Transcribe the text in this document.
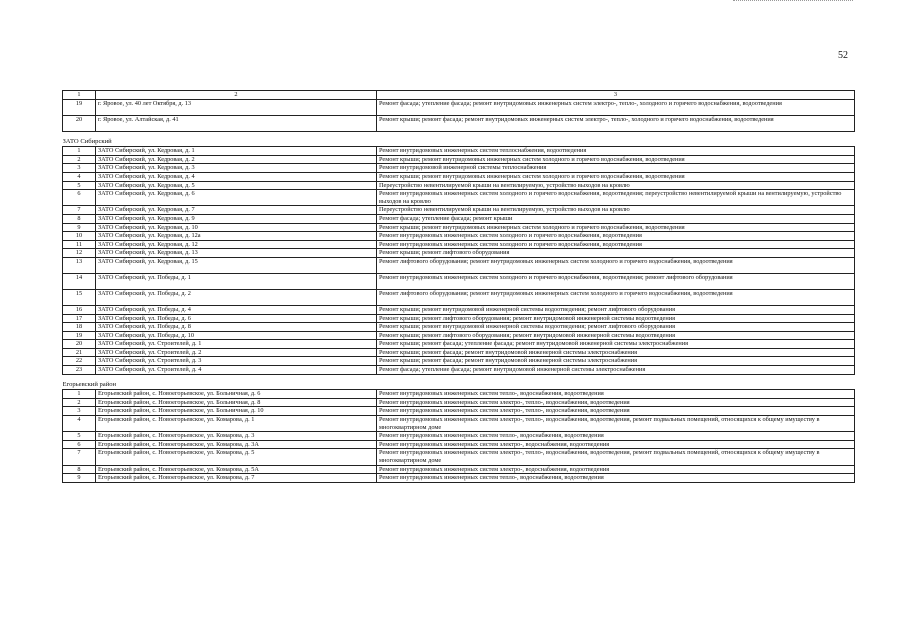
52
1	2	3
19	г. Яровое, ул. 40 лет Октября, д. 13	Ремонт фасада; утепление фасада; ремонт внутридомовых инженерных систем электро-, тепло-, холодного и горячего водоснабжения, водоотведения
20	г. Яровое, ул. Алтайская, д. 41	Ремонт крыши; ремонт фасада; ремонт внутридомовых инженерных систем электро-, тепло-, холодного и горячего водоснабжения, водоотведения
ЗАТО Сибирский		
1	ЗАТО Сибирский, ул. Кедровая, д. 1	Ремонт внутридомовых инженерных систем теплоснабжения, водоотведения
2	ЗАТО Сибирский, ул. Кедровая, д. 2	Ремонт крыши; ремонт внутридомовых инженерных систем холодного и горячего водоснабжения, водоотведения
3	ЗАТО Сибирский, ул. Кедровая, д. 3	Ремонт внутридомовой инженерной системы теплоснабжения
4	ЗАТО Сибирский, ул. Кедровая, д. 4	Ремонт крыши; ремонт внутридомовых инженерных систем холодного и горячего водоснабжения, водоотведения
5	ЗАТО Сибирский, ул. Кедровая, д. 5	Переустройство невентилируемой крыши на вентилируемую, устройство выходов на кровлю
6	ЗАТО Сибирский, ул. Кедровая, д. 6	Ремонт внутридомовых инженерных систем холодного и горячего водоснабжения, водоотведения; переустройство невентилируемой крыши на вентилируемую, устройство выходов на кровлю
7	ЗАТО Сибирский, ул. Кедровая, д. 7	Переустройство невентилируемой крыши на вентилируемую, устройство выходов на кровлю
8	ЗАТО Сибирский, ул. Кедровая, д. 9	Ремонт фасада; утепление фасада; ремонт крыши
9	ЗАТО Сибирский, ул. Кедровая, д. 10	Ремонт крыши; ремонт внутридомовых инженерных систем холодного и горячего водоснабжения, водоотведения
10	ЗАТО Сибирский, ул. Кедровая, д. 12а	Ремонт внутридомовых инженерных систем холодного и горячего водоснабжения, водоотведения
11	ЗАТО Сибирский, ул. Кедровая, д. 12	Ремонт внутридомовых инженерных систем холодного и горячего водоснабжения, водоотведения
12	ЗАТО Сибирский, ул. Кедровая, д. 13	Ремонт крыши; ремонт лифтового оборудования
13	ЗАТО Сибирский, ул. Кедровая, д. 15	Ремонт лифтового оборудования; ремонт внутридомовых инженерных систем холодного и горячего водоснабжения, водоотведения
14	ЗАТО Сибирский, ул. Победы, д. 1	Ремонт внутридомовых инженерных систем холодного и горячего водоснабжения, водоотведения; ремонт лифтового оборудования
15	ЗАТО Сибирский, ул. Победы, д. 2	Ремонт лифтового оборудования; ремонт внутридомовых инженерных систем холодного и горячего водоснабжения, водоотведения
16	ЗАТО Сибирский, ул. Победы, д. 4	Ремонт крыши; ремонт внутридомовой инженерной системы водоотведения; ремонт лифтового оборудования
17	ЗАТО Сибирский, ул. Победы, д. 6	Ремонт крыши; ремонт лифтового оборудования; ремонт внутридомовой инженерной системы водоотведения
18	ЗАТО Сибирский, ул. Победы, д. 8	Ремонт крыши; ремонт внутридомовой инженерной системы водоотведения; ремонт лифтового оборудования
19	ЗАТО Сибирский, ул. Победы, д. 10	Ремонт крыши; ремонт лифтового оборудования; ремонт внутридомовой инженерной системы водоотведения
20	ЗАТО Сибирский, ул. Строителей, д. 1	Ремонт крыши; ремонт фасада; утепление фасада; ремонт внутридомовой инженерной системы электроснабжения
21	ЗАТО Сибирский, ул. Строителей, д. 2	Ремонт крыши; ремонт фасада; ремонт внутридомовой инженерной системы электроснабжения
22	ЗАТО Сибирский, ул. Строителей, д. 3	Ремонт крыши; ремонт фасада; ремонт внутридомовой инженерной системы электроснабжения
23	ЗАТО Сибирский, ул. Строителей, д. 4	Ремонт фасада; утепление фасада; ремонт внутридомовой инженерной системы электроснабжения
Егорьевский район		
1	Егорьевский район, с. Новоегорьевское, ул. Больничная, д. 6	Ремонт внутридомовых инженерных систем тепло-, водоснабжения, водоотведения
2	Егорьевский район, с. Новоегорьевское, ул. Больничная, д. 8	Ремонт внутридомовых инженерных систем электро-, тепло-, водоснабжения, водоотведения
3	Егорьевский район, с. Новоегорьевское, ул. Больничная, д. 10	Ремонт внутридомовых инженерных систем электро-, тепло-, водоснабжения, водоотведения
4	Егорьевский район, с. Новоегорьевское, ул. Комарова, д. 1	Ремонт внутридомовых инженерных систем электро-, тепло-, водоснабжения, водоотведения, ремонт подвальных помещений, относящихся к общему имуществу в многоквартирном доме
5	Егорьевский район, с. Новоегорьевское, ул. Комарова, д. 3	Ремонт внутридомовых инженерных систем тепло-, водоснабжения, водоотведения
6	Егорьевский район, с. Новоегорьевское, ул. Комарова, д. 3А	Ремонт внутридомовых инженерных систем электро-, водоснабжения, водоотведения
7	Егорьевский район, с. Новоегорьевское, ул. Комарова, д. 5	Ремонт внутридомовых инженерных систем электро-, тепло-, водоснабжения, водоотведения, ремонт подвальных помещений, относящихся к общему имуществу в многоквартирном доме
8	Егорьевский район, с. Новоегорьевское, ул. Комарова, д. 5А	Ремонт внутридомовых инженерных систем электро-, водоснабжения, водоотведения
9	Егорьевский район, с. Новоегорьевское, ул. Комарова, д. 7	Ремонт внутридомовых инженерных систем тепло-, водоснабжения, водоотведения
